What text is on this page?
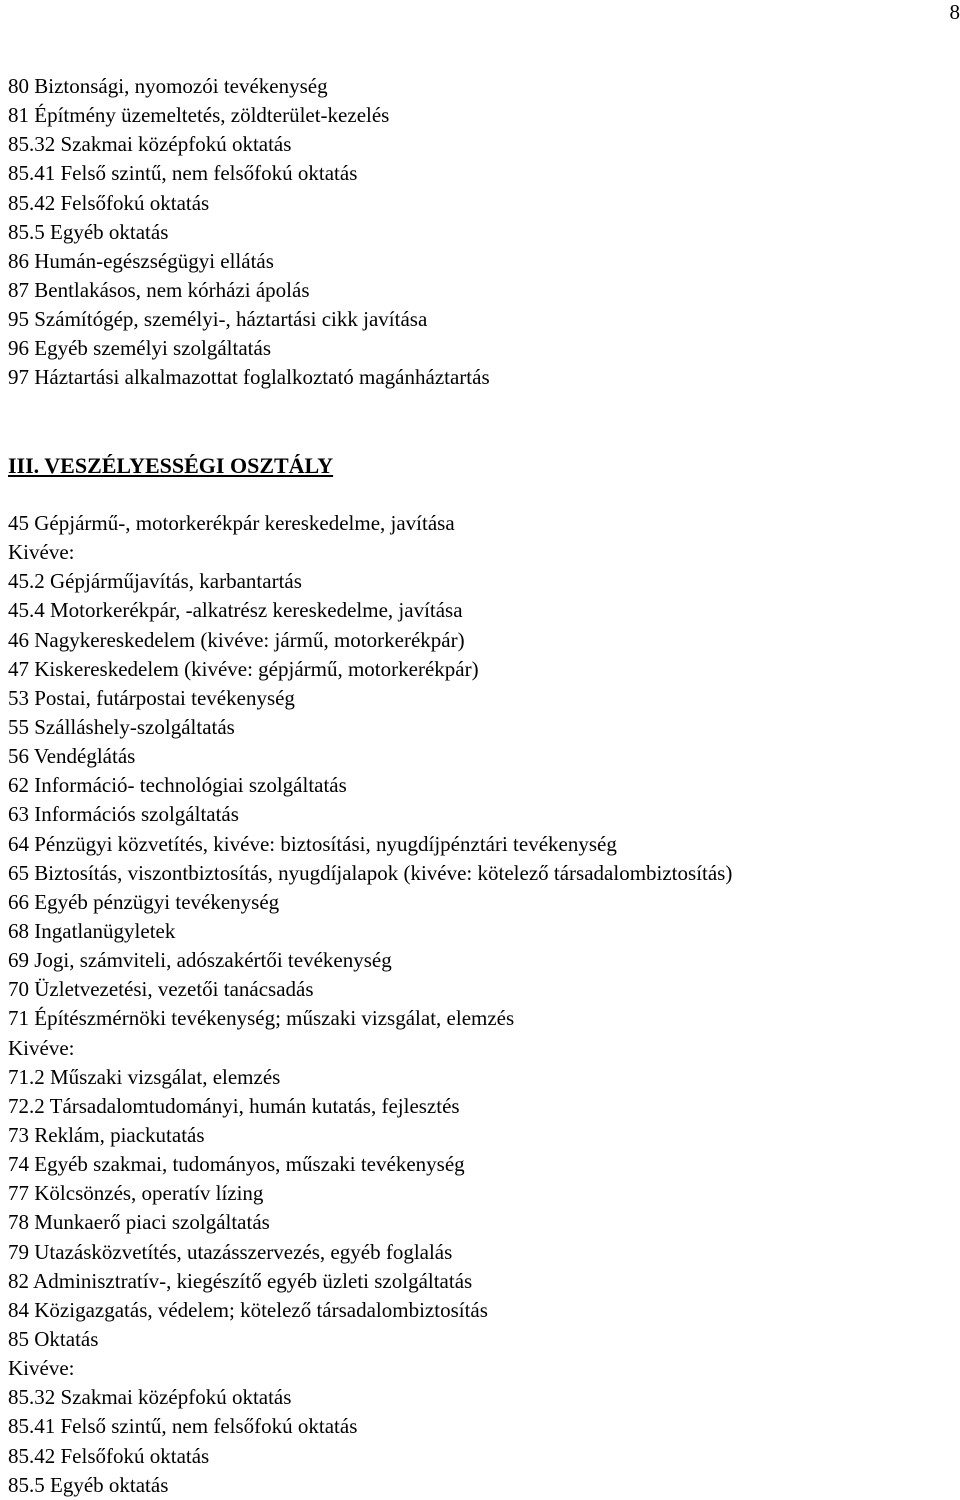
8
80 Biztonsági, nyomozói tevékenység
81 Építmény üzemeltetés, zöldterület-kezelés
85.32 Szakmai középfokú oktatás
85.41 Felső szintű, nem felsőfokú oktatás
85.42 Felsőfokú oktatás
85.5 Egyéb oktatás
86 Humán-egészségügyi ellátás
87 Bentlakásos, nem kórházi ápolás
95 Számítógép, személyi-, háztartási cikk javítása
96 Egyéb személyi szolgáltatás
97 Háztartási alkalmazottat foglalkoztató magánháztartás
III. VESZÉLYESSÉGI OSZTÁLY
45 Gépjármű-, motorkerékpár kereskedelme, javítása
Kivéve:
45.2 Gépjárműjavítás, karbantartás
45.4 Motorkerékpár, -alkatrész kereskedelme, javítása
46 Nagykereskedelem (kivéve: jármű, motorkerékpár)
47 Kiskereskedelem (kivéve: gépjármű, motorkerékpár)
53 Postai, futárpostai tevékenység
55 Szálláshely-szolgáltatás
56 Vendéglátás
62 Információ- technológiai szolgáltatás
63 Információs szolgáltatás
64 Pénzügyi közvetítés, kivéve: biztosítási, nyugdíjpénztári tevékenység
65 Biztosítás, viszontbiztosítás, nyugdíjalapok (kivéve: kötelező társadalombiztosítás)
66 Egyéb pénzügyi tevékenység
68 Ingatlanügyletek
69 Jogi, számviteli, adószakértői tevékenység
70 Üzletvezetési, vezetői tanácsadás
71 Építészmérnöki tevékenység; műszaki vizsgálat, elemzés
Kivéve:
71.2 Műszaki vizsgálat, elemzés
72.2 Társadalomtudományi, humán kutatás, fejlesztés
73 Reklám, piackutatás
74 Egyéb szakmai, tudományos, műszaki tevékenység
77 Kölcsönzés, operatív lízing
78 Munkaerő piaci szolgáltatás
79 Utazásközvetítés, utazásszervezés, egyéb foglalás
82 Adminisztratív-, kiegészítő egyéb üzleti szolgáltatás
84 Közigazgatás, védelem; kötelező társadalombiztosítás
85 Oktatás
Kivéve:
85.32 Szakmai középfokú oktatás
85.41 Felső szintű, nem felsőfokú oktatás
85.42 Felsőfokú oktatás
85.5 Egyéb oktatás
